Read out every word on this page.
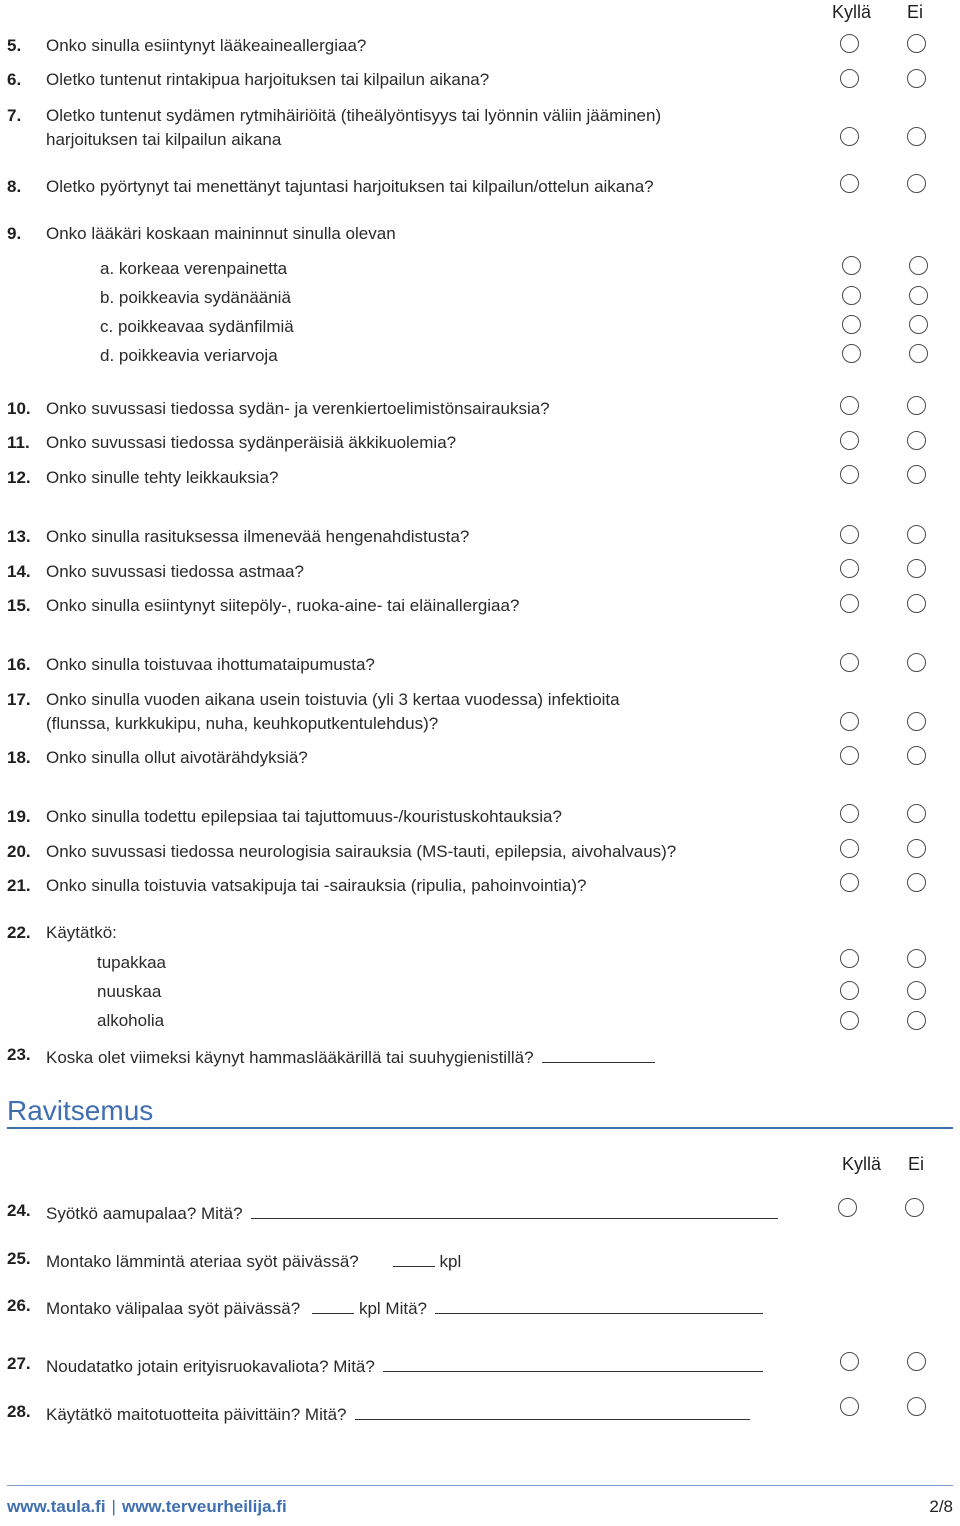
Kyllä Ei
5. Onko sinulla esiintynyt lääkeaineallergiaa?
6. Oletko tuntenut rintakipua harjoituksen tai kilpailun aikana?
7. Oletko tuntenut sydämen rytmihäiriöitä (tiheälyöntisyys tai lyönnin väliin jääminen)
harjoituksen tai kilpailun aikana
8. Oletko pyörtynyt tai menettänyt tajuntasi harjoituksen tai kilpailun/ottelun aikana?
9. Onko lääkäri koskaan maininnut sinulla olevan
a. korkeaa verenpainetta
b. poikkeavia sydänääniä
c. poikkeavaa sydänfilmiä
d. poikkeavia veriarvoja
10. Onko suvussasi tiedossa sydän- ja verenkiertoelimistönsairauksia?
11. Onko suvussasi tiedossa sydänperäisiä äkkikuolemia?
12. Onko sinulle tehty leikkauksia?
13. Onko sinulla rasituksessa ilmenevää hengenahdistusta?
14. Onko suvussasi tiedossa astmaa?
15. Onko sinulla esiintynyt siitepöly-, ruoka-aine- tai eläinallergiaa?
16. Onko sinulla toistuvaa ihottumataipumusta?
17. Onko sinulla vuoden aikana usein toistuvia (yli 3 kertaa vuodessa) infektioita
(flunssa, kurkkukipu, nuha, keuhkoputkentulehdus)?
18. Onko sinulla ollut aivotärähdyksiä?
19. Onko sinulla todettu epilepsiaa tai tajuttomuus-/kouristuskohtauksia?
20. Onko suvussasi tiedossa neurologisia sairauksia (MS-tauti, epilepsia, aivohalvaus)?
21. Onko sinulla toistuvia vatsakipuja tai -sairauksia (ripulia, pahoinvointia)?
22. Käytätkö:
tupakkaa
nuuskaa
alkoholia
23. Koska olet viimeksi käynyt hammaslääkärillä tai suuhygienistillä?
Ravitsemus
Kyllä Ei
24. Syötkö aamupalaa? Mitä?
25. Montako lämmintä ateriaa syöt päivässä?	kpl
26. Montako välipalaa syöt päivässä?	kpl Mitä?
27. Noudatatko jotain erityisruokavaliota? Mitä?
28. Käytätkö maitotuotteita päivittäin? Mitä?
www.taula.fi | www.terveurheilija.fi	2/8
